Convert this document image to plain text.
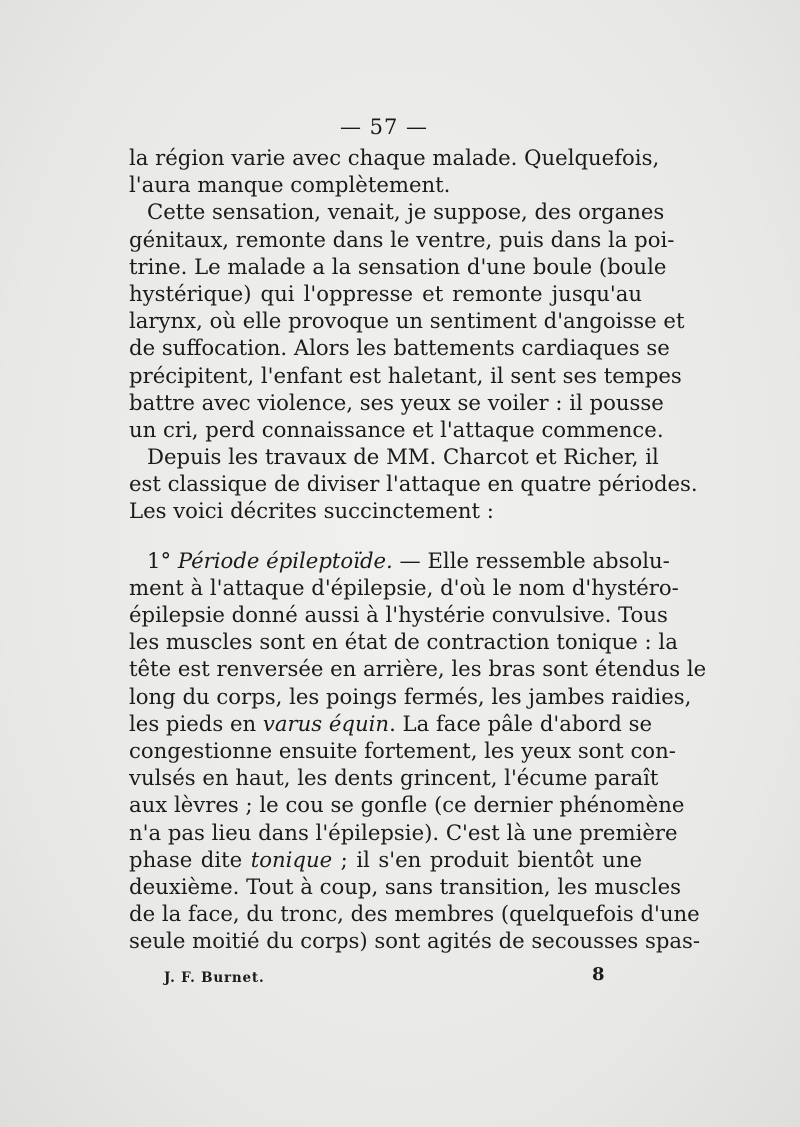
— 57 —
la région varie avec chaque malade. Quelquefois,
l'aura manque complètement.
Cette sensation, venait, je suppose, des organes
génitaux, remonte dans le ventre, puis dans la poi-
trine. Le malade a la sensation d'une boule (boule
hystérique) qui l'oppresse et remonte jusqu'au
larynx, où elle provoque un sentiment d'angoisse et
de suffocation. Alors les battements cardiaques se
précipitent, l'enfant est haletant, il sent ses tempes
battre avec violence, ses yeux se voiler : il pousse
un cri, perd connaissance et l'attaque commence.
Depuis les travaux de MM. Charcot et Richer, il
est classique de diviser l'attaque en quatre périodes.
Les voici décrites succinctement :
1° Période épileptoïde. — Elle ressemble absolu-
ment à l'attaque d'épilepsie, d'où le nom d'hystéro-
épilepsie donné aussi à l'hystérie convulsive. Tous
les muscles sont en état de contraction tonique : la
tête est renversée en arrière, les bras sont étendus le
long du corps, les poings fermés, les jambes raidies,
les pieds en varus équin. La face pâle d'abord se
congestionne ensuite fortement, les yeux sont con-
vulsés en haut, les dents grincent, l'écume paraît
aux lèvres ; le cou se gonfle (ce dernier phénomène
n'a pas lieu dans l'épilepsie). C'est là une première
phase dite tonique ; il s'en produit bientôt une
deuxième. Tout à coup, sans transition, les muscles
de la face, du tronc, des membres (quelquefois d'une
seule moitié du corps) sont agités de secousses spas-
J. F. Burnet.	8
